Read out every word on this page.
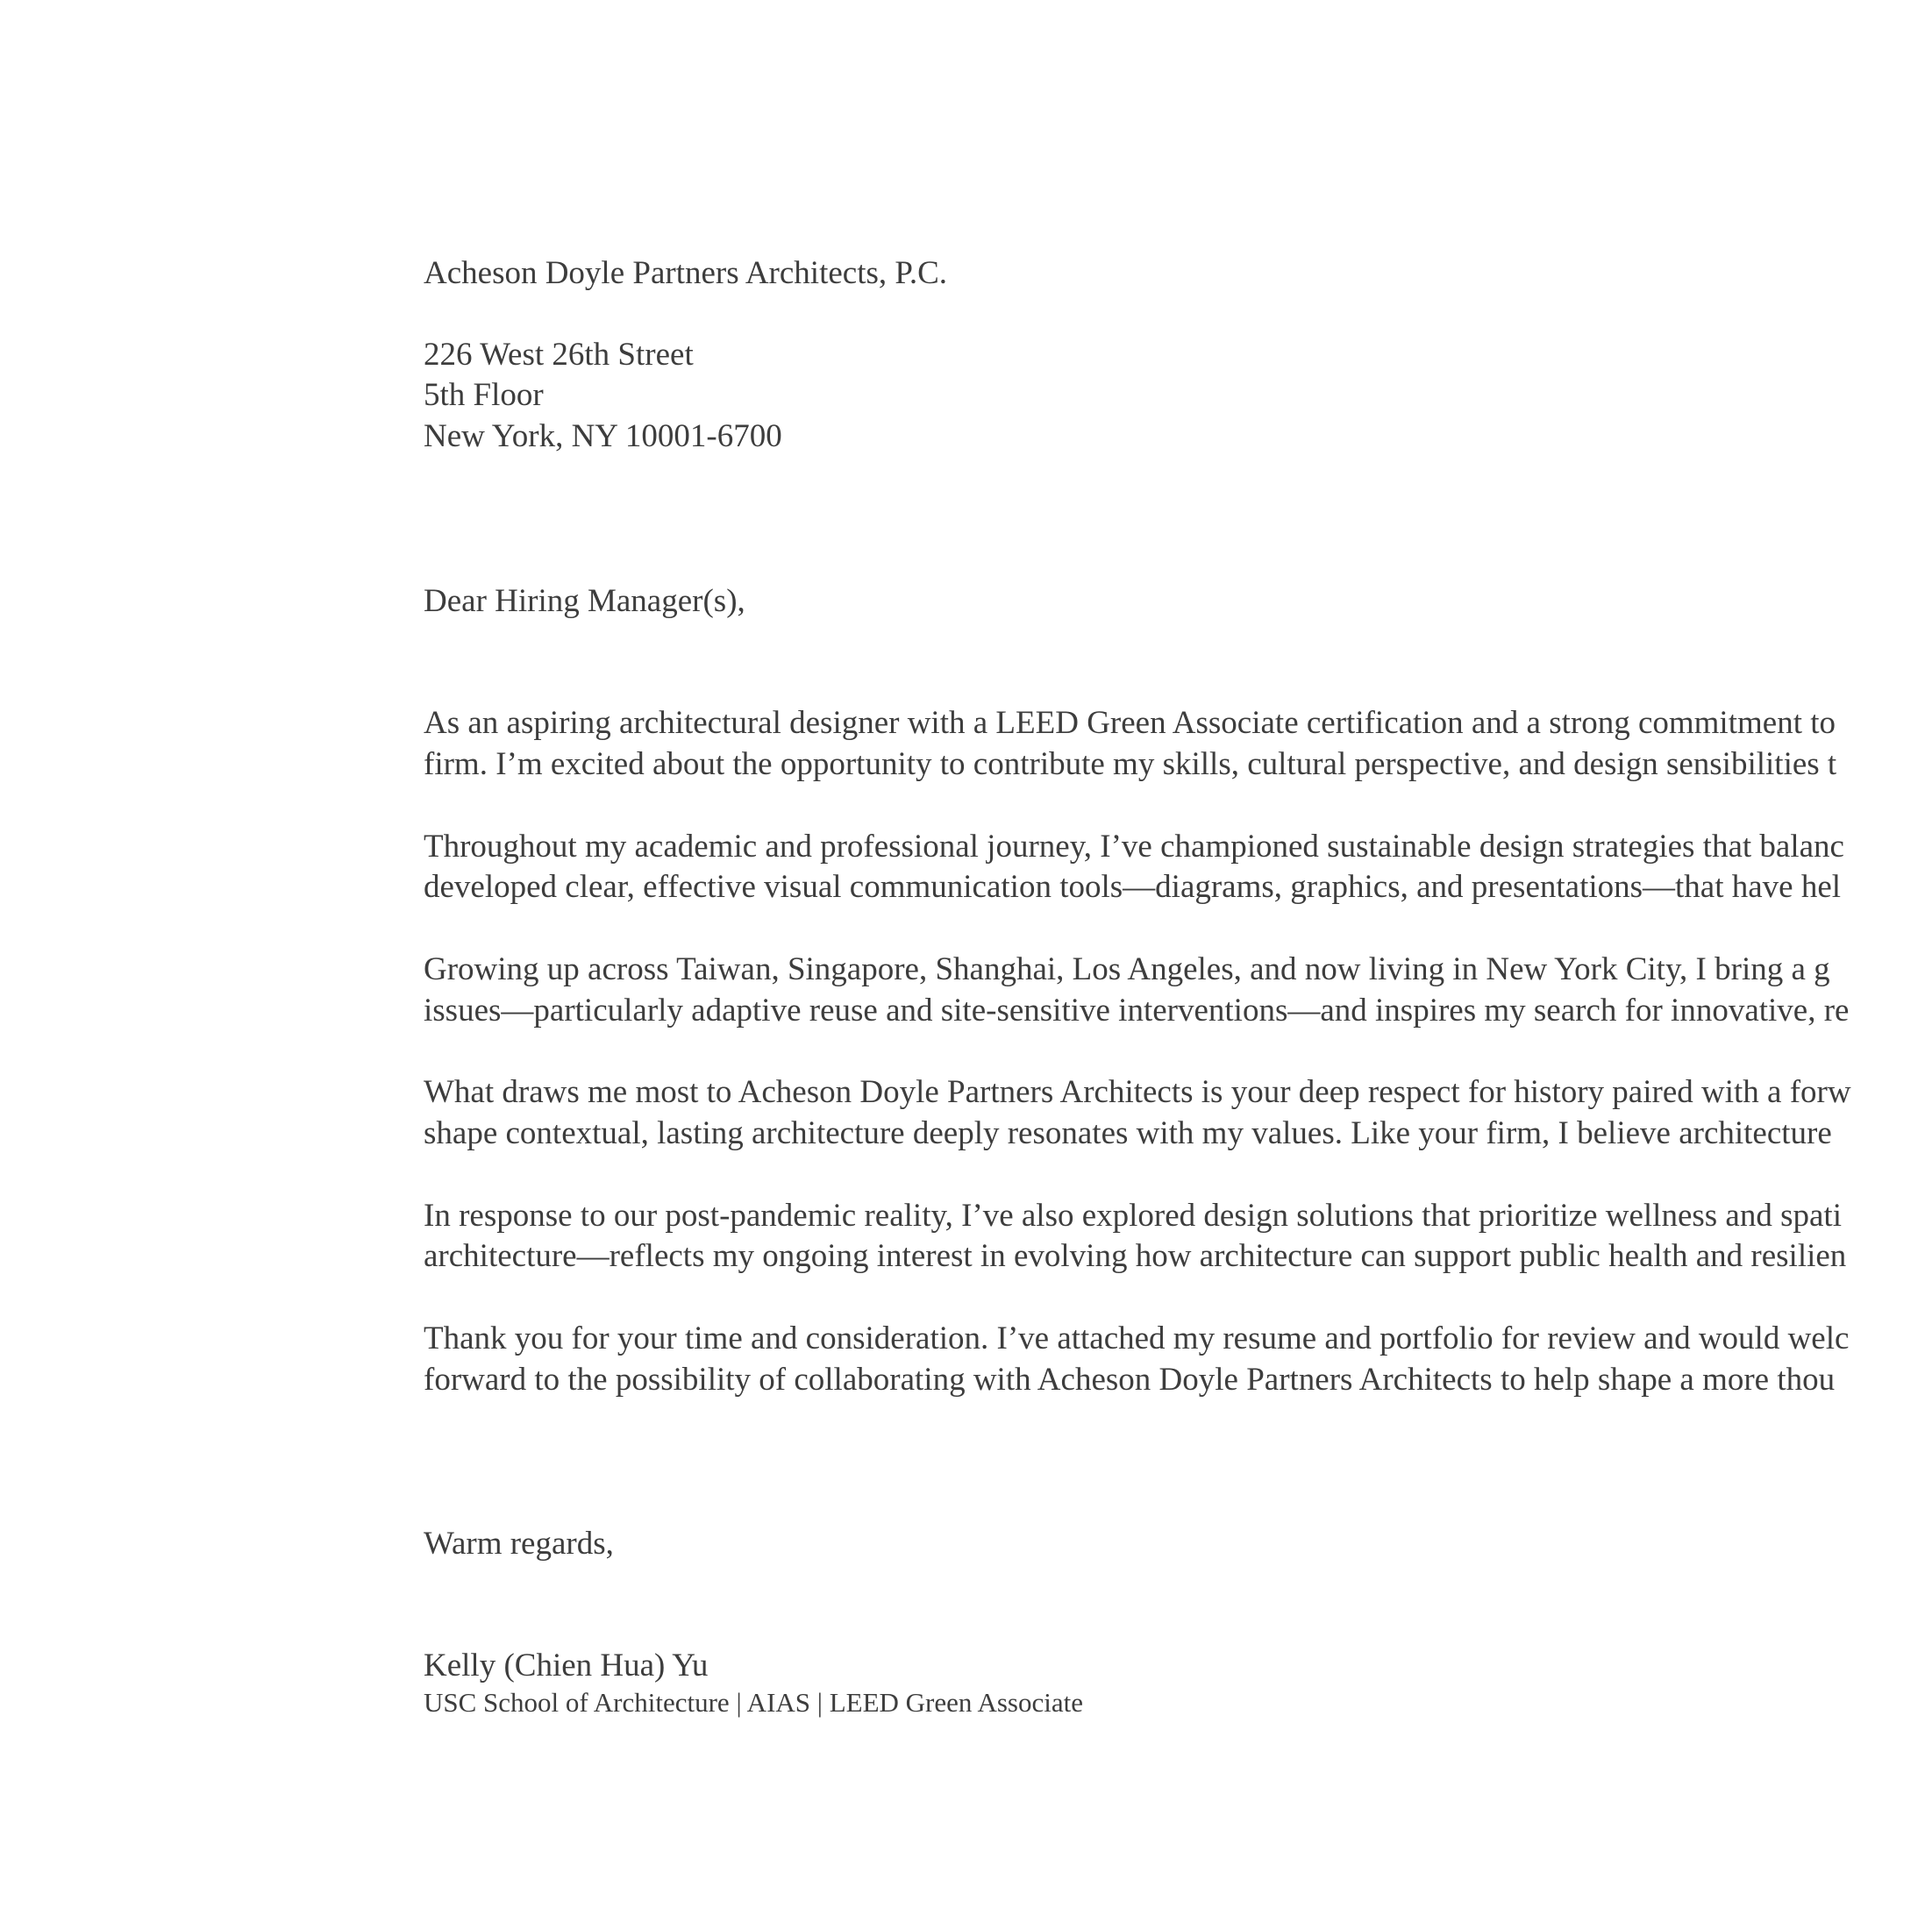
Acheson Doyle Partners Architects, P.C.
226 West 26th Street
5th Floor
New York, NY 10001-6700
Dear Hiring Manager(s),
As an aspiring architectural designer with a LEED Green Associate certification and a strong commitment to
firm. I’m excited about the opportunity to contribute my skills, cultural perspective, and design sensibilities t
Throughout my academic and professional journey, I’ve championed sustainable design strategies that balanc
developed clear, effective visual communication tools—diagrams, graphics, and presentations—that have hel
Growing up across Taiwan, Singapore, Shanghai, Los Angeles, and now living in New York City, I bring a g
issues—particularly adaptive reuse and site-sensitive interventions—and inspires my search for innovative, re
What draws me most to Acheson Doyle Partners Architects is your deep respect for history paired with a forw
shape contextual, lasting architecture deeply resonates with my values. Like your firm, I believe architecture
In response to our post-pandemic reality, I’ve also explored design solutions that prioritize wellness and spati
architecture—reflects my ongoing interest in evolving how architecture can support public health and resilien
Thank you for your time and consideration. I’ve attached my resume and portfolio for review and would welc
forward to the possibility of collaborating with Acheson Doyle Partners Architects to help shape a more thou
Warm regards,
Kelly (Chien Hua) Yu
USC School of Architecture | AIAS | LEED Green Associate
